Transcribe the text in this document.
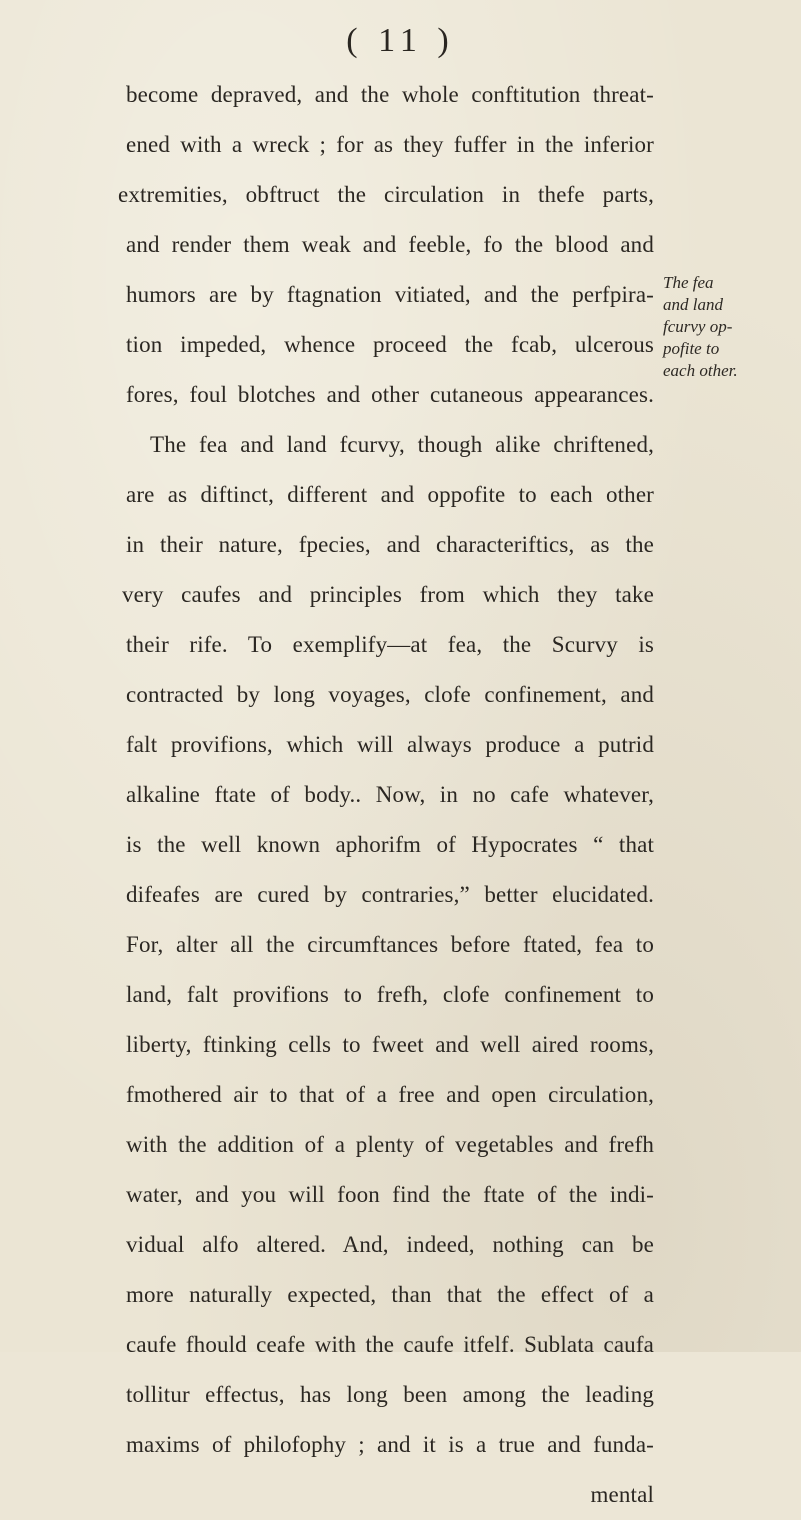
( 11 )
become depraved, and the whole conftitution threat-
ened with a wreck ; for as they fuffer in the inferior
extremities, obftruct the circulation in thefe parts,
and render them weak and feeble, fo the blood and
humors are by ftagnation vitiated, and the perfpira-
tion impeded, whence proceed the fcab, ulcerous
fores, foul blotches and other cutaneous appearances.
The fea and land fcurvy, though alike chriftened,
are as diftinct, different and oppofite to each other
in their nature, fpecies, and characteriftics, as the
very caufes and principles from which they take
their rife. To exemplify—at fea, the Scurvy is
contracted by long voyages, clofe confinement, and
falt provifions, which will always produce a putrid
alkaline ftate of body.. Now, in no cafe whatever,
is the well known aphorifm of Hypocrates “ that
difeafes are cured by contraries,” better elucidated.
For, alter all the circumftances before ftated, fea to
land, falt provifions to frefh, clofe confinement to
liberty, ftinking cells to fweet and well aired rooms,
fmothered air to that of a free and open circulation,
with the addition of a plenty of vegetables and frefh
water, and you will foon find the ftate of the indi-
vidual alfo altered. And, indeed, nothing can be
more naturally expected, than that the effect of a
caufe fhould ceafe with the caufe itfelf. Sublata caufa
tollitur effectus, has long been among the leading
maxims of philofophy ; and it is a true and funda-
mental
The fea
and land
fcurvy op-
pofite to
each other.
